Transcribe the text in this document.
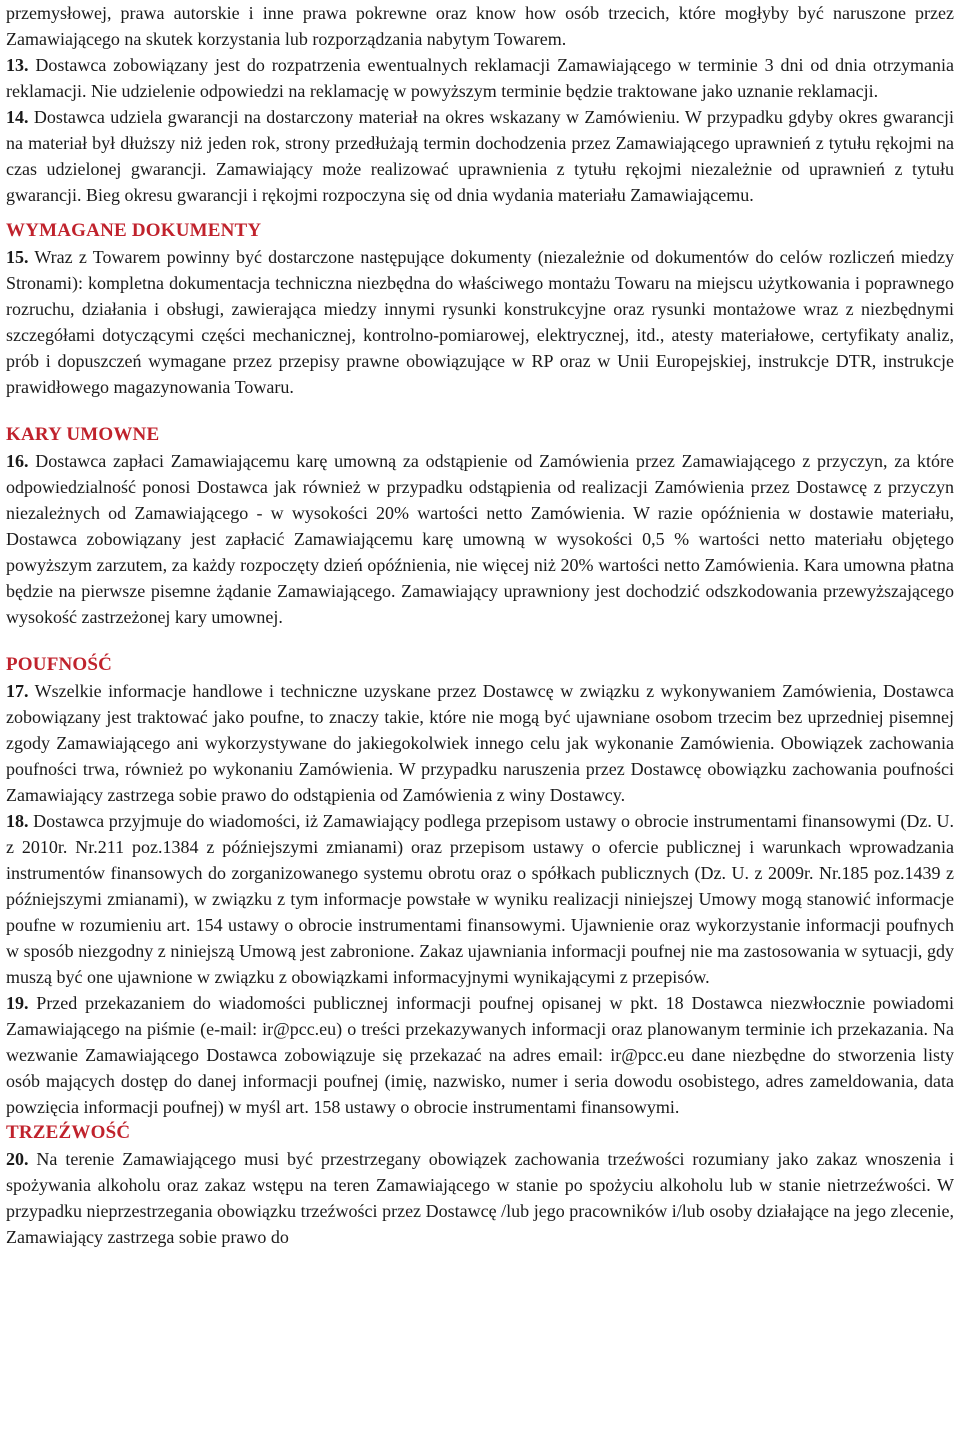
przemysłowej, prawa autorskie i inne prawa pokrewne oraz know how osób trzecich, które mogłyby być naruszone przez Zamawiającego na skutek korzystania lub rozporządzania nabytym Towarem.

13. Dostawca zobowiązany jest do rozpatrzenia ewentualnych reklamacji Zamawiającego w terminie 3 dni od dnia otrzymania reklamacji. Nie udzielenie odpowiedzi na reklamację w powyższym terminie będzie traktowane jako uznanie reklamacji.

14. Dostawca udziela gwarancji na dostarczony materiał na okres wskazany w Zamówieniu. W przypadku gdyby okres gwarancji na materiał był dłuższy niż jeden rok, strony przedłużają termin dochodzenia przez Zamawiającego uprawnień z tytułu rękojmi na czas udzielonej gwarancji. Zamawiający może realizować uprawnienia z tytułu rękojmi niezależnie od uprawnień z tytułu gwarancji. Bieg okresu gwarancji i rękojmi rozpoczyna się od dnia wydania materiału Zamawiającemu.

WYMAGANE DOKUMENTY

15. Wraz z Towarem powinny być dostarczone następujące dokumenty (niezależnie od dokumentów do celów rozliczeń miedzy Stronami): kompletna dokumentacja techniczna niezbędna do właściwego montażu Towaru na miejscu użytkowania i poprawnego rozruchu, działania i obsługi, zawierająca miedzy innymi rysunki konstrukcyjne oraz rysunki montażowe wraz z niezbędnymi szczegółami dotyczącymi części mechanicznej, kontrolno-pomiarowej, elektrycznej, itd., atesty materiałowe, certyfikaty analiz, prób i dopuszczeń wymagane przez przepisy prawne obowiązujące w RP oraz w Unii Europejskiej, instrukcje DTR, instrukcje prawidłowego magazynowania Towaru.

KARY UMOWNE

16. Dostawca zapłaci Zamawiającemu karę umowną za odstąpienie od Zamówienia przez Zamawiającego z przyczyn, za które odpowiedzialność ponosi Dostawca jak również w przypadku odstąpienia od realizacji Zamówienia przez Dostawcę z przyczyn niezależnych od Zamawiającego - w wysokości 20% wartości netto Zamówienia. W razie opóźnienia w dostawie materiału, Dostawca zobowiązany jest zapłacić Zamawiającemu karę umowną w wysokości 0,5 % wartości netto materiału objętego powyższym zarzutem, za każdy rozpoczęty dzień opóźnienia, nie więcej niż 20% wartości netto Zamówienia. Kara umowna płatna będzie na pierwsze pisemne żądanie Zamawiającego. Zamawiający uprawniony jest dochodzić odszkodowania przewyższającego wysokość zastrzeżonej kary umownej.

POUFNOŚĆ

17. Wszelkie informacje handlowe i techniczne uzyskane przez Dostawcę w związku z wykonywaniem Zamówienia, Dostawca zobowiązany jest traktować jako poufne, to znaczy takie, które nie mogą być ujawniane osobom trzecim bez uprzedniej pisemnej zgody Zamawiającego ani wykorzystywane do jakiegokolwiek innego celu jak wykonanie Zamówienia. Obowiązek zachowania poufności trwa, również po wykonaniu Zamówienia. W przypadku naruszenia przez Dostawcę obowiązku zachowania poufności Zamawiający zastrzega sobie prawo do odstąpienia od Zamówienia z winy Dostawcy.

18. Dostawca przyjmuje do wiadomości, iż Zamawiający podlega przepisom ustawy o obrocie instrumentami finansowymi (Dz. U. z 2010r. Nr.211 poz.1384 z późniejszymi zmianami) oraz przepisom ustawy o ofercie publicznej i warunkach wprowadzania instrumentów finansowych do zorganizowanego systemu obrotu oraz o spółkach publicznych (Dz. U. z 2009r. Nr.185 poz.1439 z późniejszymi zmianami), w związku z tym informacje powstałe w wyniku realizacji niniejszej Umowy mogą stanowić informacje poufne w rozumieniu art. 154 ustawy o obrocie instrumentami finansowymi. Ujawnienie oraz wykorzystanie informacji poufnych w sposób niezgodny z niniejszą Umową jest zabronione. Zakaz ujawniania informacji poufnej nie ma zastosowania w sytuacji, gdy muszą być one ujawnione w związku z obowiązkami informacyjnymi wynikającymi z przepisów.

19. Przed przekazaniem do wiadomości publicznej informacji poufnej opisanej w pkt. 18 Dostawca niezwłocznie powiadomi Zamawiającego na piśmie (e-mail: ir@pcc.eu) o treści przekazywanych informacji oraz planowanym terminie ich przekazania. Na wezwanie Zamawiającego Dostawca zobowiązuje się przekazać na adres email: ir@pcc.eu dane niezbędne do stworzenia listy osób mających dostęp do danej informacji poufnej (imię, nazwisko, numer i seria dowodu osobistego, adres zameldowania, data powzięcia informacji poufnej) w myśl art. 158 ustawy o obrocie instrumentami finansowymi.

TRZEŹWOŚĆ

20. Na terenie Zamawiającego musi być przestrzegany obowiązek zachowania trzeźwości rozumiany jako zakaz wnoszenia i spożywania alkoholu oraz zakaz wstępu na teren Zamawiającego w stanie po spożyciu alkoholu lub w stanie nietrzeźwości. W przypadku nieprzestrzegania obowiązku trzeźwości przez Dostawcę /lub jego pracowników i/lub osoby działające na jego zlecenie, Zamawiający zastrzega sobie prawo do
